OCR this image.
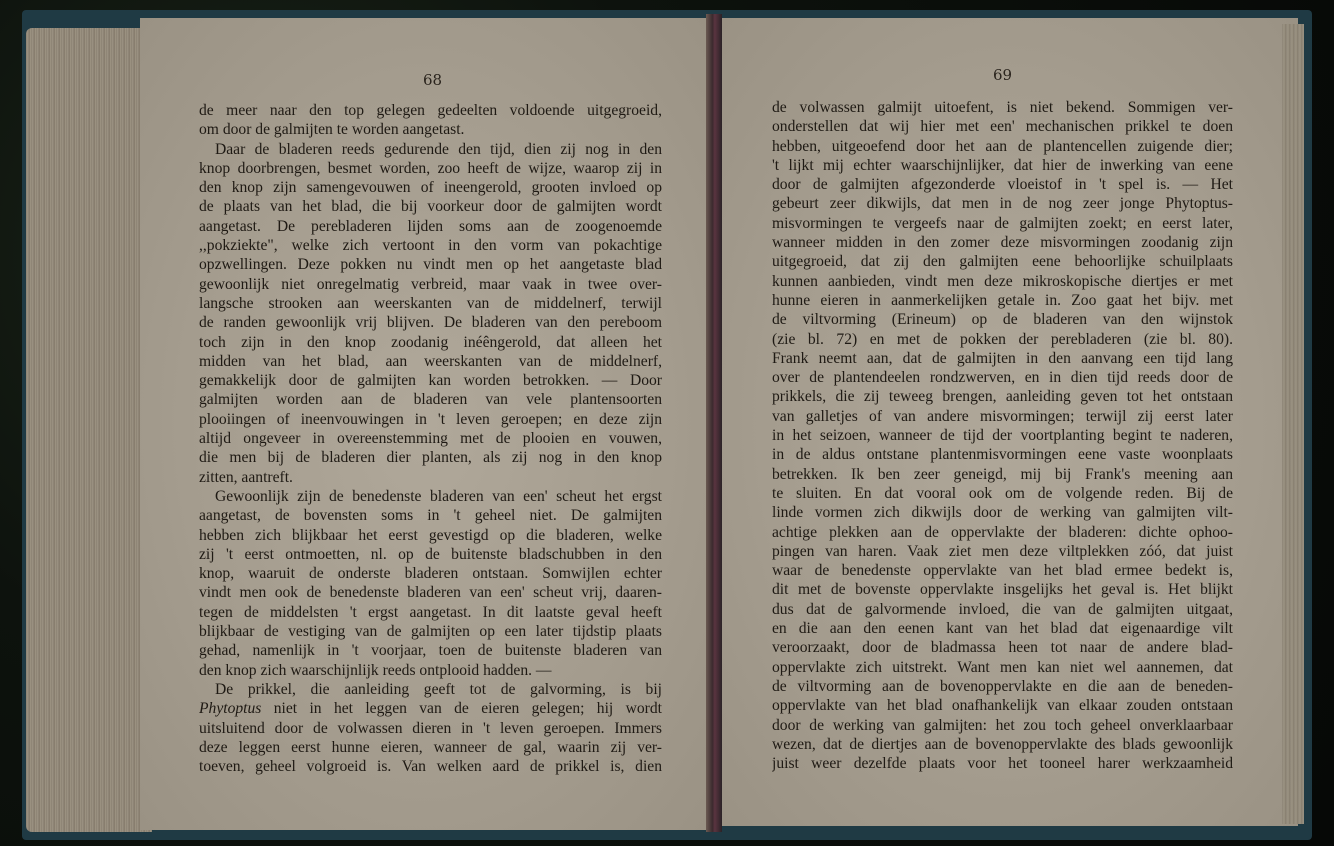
68	69
de meer naar den top gelegen gedeelten voldoende uitgegroeid,
om door de galmijten te worden aangetast.
Daar de bladeren reeds gedurende den tijd, dien zij nog in den
knop doorbrengen, besmet worden, zoo heeft de wijze, waarop zij in
den knop zijn samengevouwen of ineengerold, grooten invloed op
de plaats van het blad, die bij voorkeur door de galmijten wordt
aangetast. De perebladeren lijden soms aan de zoogenoemde
,,pokziekte", welke zich vertoont in den vorm van pokachtige
opzwellingen. Deze pokken nu vindt men op het aangetaste blad
gewoonlijk niet onregelmatig verbreid, maar vaak in twee over-
langsche strooken aan weerskanten van de middelnerf, terwijl
de randen gewoonlijk vrij blijven. De bladeren van den pereboom
toch zijn in den knop zoodanig inéêngerold, dat alleen het
midden van het blad, aan weerskanten van de middelnerf,
gemakkelijk door de galmijten kan worden betrokken. — Door
galmijten worden aan de bladeren van vele plantensoorten
plooiingen of ineenvouwingen in 't leven geroepen; en deze zijn
altijd ongeveer in overeenstemming met de plooien en vouwen,
die men bij de bladeren dier planten, als zij nog in den knop
zitten, aantreft.
Gewoonlijk zijn de benedenste bladeren van een' scheut het ergst
aangetast, de bovensten soms in 't geheel niet. De galmijten
hebben zich blijkbaar het eerst gevestigd op die bladeren, welke
zij 't eerst ontmoetten, nl. op de buitenste bladschubben in den
knop, waaruit de onderste bladeren ontstaan. Somwijlen echter
vindt men ook de benedenste bladeren van een' scheut vrij, daaren-
tegen de middelsten 't ergst aangetast. In dit laatste geval heeft
blijkbaar de vestiging van de galmijten op een later tijdstip plaats
gehad, namenlijk in 't voorjaar, toen de buitenste bladeren van
den knop zich waarschijnlijk reeds ontplooid hadden. —
De prikkel, die aanleiding geeft tot de galvorming, is bij
Phytoptus niet in het leggen van de eieren gelegen; hij wordt
uitsluitend door de volwassen dieren in 't leven geroepen. Immers
deze leggen eerst hunne eieren, wanneer de gal, waarin zij ver-
toeven, geheel volgroeid is. Van welken aard de prikkel is, dien
de volwassen galmijt uitoefent, is niet bekend. Sommigen ver-
onderstellen dat wij hier met een' mechanischen prikkel te doen
hebben, uitgeoefend door het aan de plantencellen zuigende dier;
't lijkt mij echter waarschijnlijker, dat hier de inwerking van eene
door de galmijten afgezonderde vloeistof in 't spel is. — Het
gebeurt zeer dikwijls, dat men in de nog zeer jonge Phytoptus-
misvormingen te vergeefs naar de galmijten zoekt; en eerst later,
wanneer midden in den zomer deze misvormingen zoodanig zijn
uitgegroeid, dat zij den galmijten eene behoorlijke schuilplaats
kunnen aanbieden, vindt men deze mikroskopische diertjes er met
hunne eieren in aanmerkelijken getale in. Zoo gaat het bijv. met
de viltvorming (Erineum) op de bladeren van den wijnstok
(zie bl. 72) en met de pokken der perebladeren (zie bl. 80).
Frank neemt aan, dat de galmijten in den aanvang een tijd lang
over de plantendeelen rondzwerven, en in dien tijd reeds door de
prikkels, die zij teweeg brengen, aanleiding geven tot het ontstaan
van galletjes of van andere misvormingen; terwijl zij eerst later
in het seizoen, wanneer de tijd der voortplanting begint te naderen,
in de aldus ontstane plantenmisvormingen eene vaste woonplaats
betrekken. Ik ben zeer geneigd, mij bij Frank's meening aan
te sluiten. En dat vooral ook om de volgende reden. Bij de
linde vormen zich dikwijls door de werking van galmijten vilt-
achtige plekken aan de oppervlakte der bladeren: dichte ophoo-
pingen van haren. Vaak ziet men deze viltplekken zóó, dat juist
waar de benedenste oppervlakte van het blad ermee bedekt is,
dit met de bovenste oppervlakte insgelijks het geval is. Het blijkt
dus dat de galvormende invloed, die van de galmijten uitgaat,
en die aan den eenen kant van het blad dat eigenaardige vilt
veroorzaakt, door de bladmassa heen tot naar de andere blad-
oppervlakte zich uitstrekt. Want men kan niet wel aannemen, dat
de viltvorming aan de bovenoppervlakte en die aan de beneden-
oppervlakte van het blad onafhankelijk van elkaar zouden ontstaan
door de werking van galmijten: het zou toch geheel onverklaarbaar
wezen, dat de diertjes aan de bovenoppervlakte des blads gewoonlijk
juist weer dezelfde plaats voor het tooneel harer werkzaamheid
